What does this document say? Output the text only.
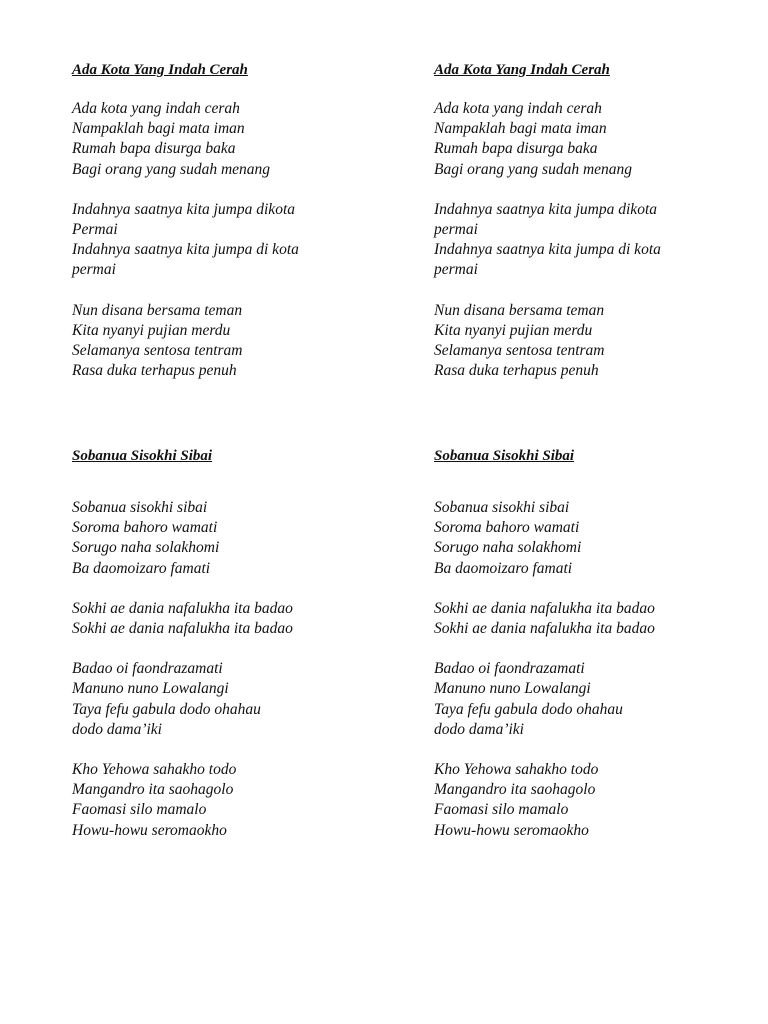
Ada Kota Yang Indah Cerah

Ada kota yang indah cerah
Nampaklah bagi mata iman
Rumah bapa disurga baka
Bagi orang yang sudah menang
Indahnya saatnya kita jumpa dikota
Permai
Indahnya saatnya kita jumpa di kota
permai
Nun disana bersama teman
Kita nyanyi pujian merdu
Selamanya sentosa tentram
Rasa duka terhapus penuh

Sobanua Sisokhi Sibai

Sobanua sisokhi sibai
Soroma bahoro wamati
Sorugo naha solakhomi
Ba daomoizaro famati
Sokhi ae dania nafalukha ita badao
Sokhi ae dania nafalukha ita badao
Badao oi faondrazamati
Manuno nuno Lowalangi
Taya fefu gabula dodo ohahau
dodo dama’iki
Kho Yehowa sahakho todo
Mangandro ita saohagolo
Faomasi silo mamalo
Howu-howu seromaokho

Ada Kota Yang Indah Cerah

Ada kota yang indah cerah
Nampaklah bagi mata iman
Rumah bapa disurga baka
Bagi orang yang sudah menang
Indahnya saatnya kita jumpa dikota
permai
Indahnya saatnya kita jumpa di kota
permai
Nun disana bersama teman
Kita nyanyi pujian merdu
Selamanya sentosa tentram
Rasa duka terhapus penuh

Sobanua Sisokhi Sibai

Sobanua sisokhi sibai
Soroma bahoro wamati
Sorugo naha solakhomi
Ba daomoizaro famati
Sokhi ae dania nafalukha ita badao
Sokhi ae dania nafalukha ita badao
Badao oi faondrazamati
Manuno nuno Lowalangi
Taya fefu gabula dodo ohahau
dodo dama’iki
Kho Yehowa sahakho todo
Mangandro ita saohagolo
Faomasi silo mamalo
Howu-howu seromaokho
